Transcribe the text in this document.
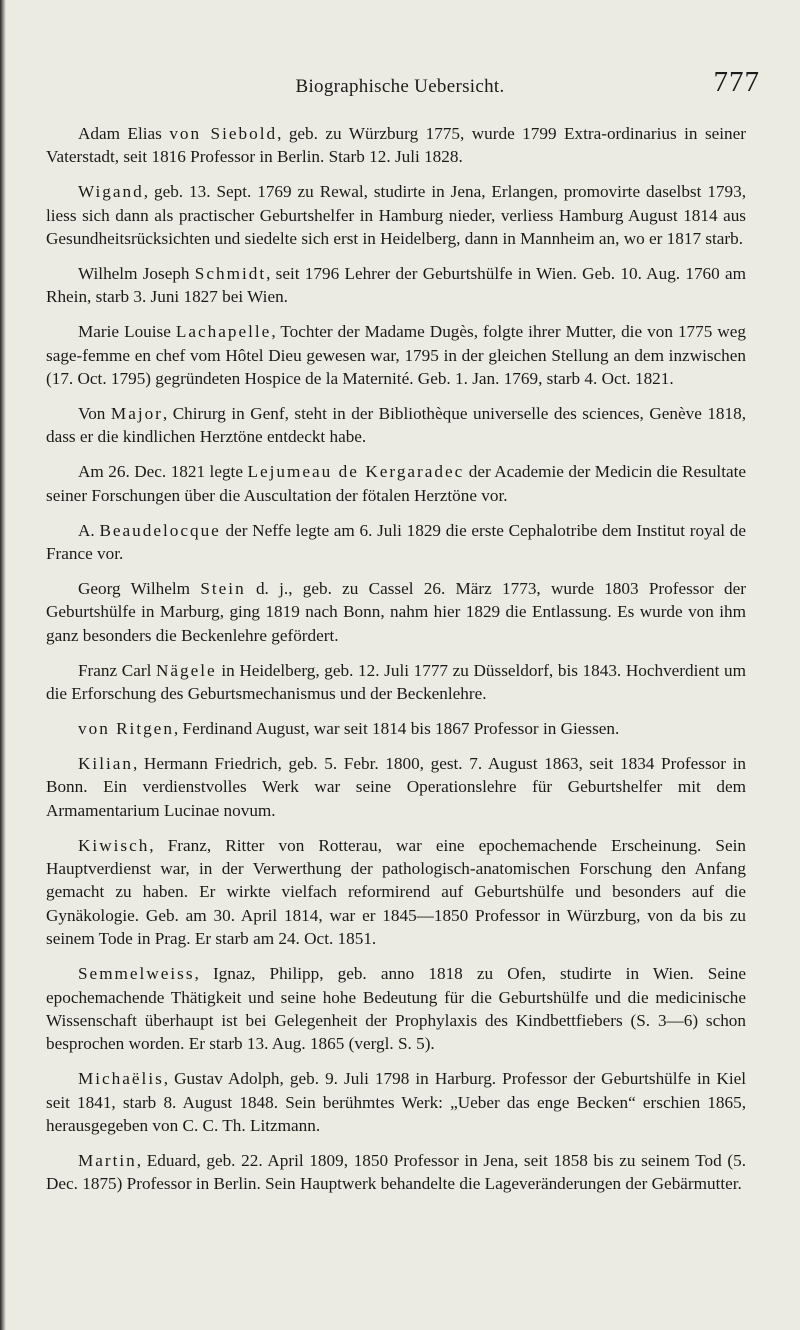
Biographische Uebersicht.	777

Adam Elias von Siebold, geb. zu Würzburg 1775, wurde 1799 Extra-ordinarius in seiner Vaterstadt, seit 1816 Professor in Berlin. Starb 12. Juli 1828.

Wigand, geb. 13. Sept. 1769 zu Rewal, studirte in Jena, Erlangen, promovirte daselbst 1793, liess sich dann als practischer Geburtshelfer in Hamburg nieder, verliess Hamburg August 1814 aus Gesundheitsrücksichten und siedelte sich erst in Heidelberg, dann in Mannheim an, wo er 1817 starb.

Wilhelm Joseph Schmidt, seit 1796 Lehrer der Geburtshülfe in Wien. Geb. 10. Aug. 1760 am Rhein, starb 3. Juni 1827 bei Wien.

Marie Louise Lachapelle, Tochter der Madame Dugès, folgte ihrer Mutter, die von 1775 weg sage-femme en chef vom Hôtel Dieu gewesen war, 1795 in der gleichen Stellung an dem inzwischen (17. Oct. 1795) gegründeten Hospice de la Maternité. Geb. 1. Jan. 1769, starb 4. Oct. 1821.

Von Major, Chirurg in Genf, steht in der Bibliothèque universelle des sciences, Genève 1818, dass er die kindlichen Herztöne entdeckt habe.

Am 26. Dec. 1821 legte Lejumeau de Kergaradec der Academie der Medicin die Resultate seiner Forschungen über die Auscultation der fötalen Herztöne vor.

A. Beaudelocque der Neffe legte am 6. Juli 1829 die erste Cephalotribe dem Institut royal de France vor.

Georg Wilhelm Stein d. j., geb. zu Cassel 26. März 1773, wurde 1803 Professor der Geburtshülfe in Marburg, ging 1819 nach Bonn, nahm hier 1829 die Entlassung. Es wurde von ihm ganz besonders die Beckenlehre gefördert.

Franz Carl Nägele in Heidelberg, geb. 12. Juli 1777 zu Düsseldorf, bis 1843. Hochverdient um die Erforschung des Geburtsmechanismus und der Beckenlehre.

von Ritgen, Ferdinand August, war seit 1814 bis 1867 Professor in Giessen.

Kilian, Hermann Friedrich, geb. 5. Febr. 1800, gest. 7. August 1863, seit 1834 Professor in Bonn. Ein verdienstvolles Werk war seine Operationslehre für Geburtshelfer mit dem Armamentarium Lucinae novum.

Kiwisch, Franz, Ritter von Rotterau, war eine epochemachende Erscheinung. Sein Hauptverdienst war, in der Verwerthung der pathologisch-anatomischen Forschung den Anfang gemacht zu haben. Er wirkte vielfach reformirend auf Geburtshülfe und besonders auf die Gynäkologie. Geb. am 30. April 1814, war er 1845—1850 Professor in Würzburg, von da bis zu seinem Tode in Prag. Er starb am 24. Oct. 1851.

Semmelweiss, Ignaz, Philipp, geb. anno 1818 zu Ofen, studirte in Wien. Seine epochemachende Thätigkeit und seine hohe Bedeutung für die Geburtshülfe und die medicinische Wissenschaft überhaupt ist bei Gelegenheit der Prophylaxis des Kindbettfiebers (S. 3—6) schon besprochen worden. Er starb 13. Aug. 1865 (vergl. S. 5).

Michaëlis, Gustav Adolph, geb. 9. Juli 1798 in Harburg. Professor der Geburtshülfe in Kiel seit 1841, starb 8. August 1848. Sein berühmtes Werk: „Ueber das enge Becken“ erschien 1865, herausgegeben von C. C. Th. Litzmann.

Martin, Eduard, geb. 22. April 1809, 1850 Professor in Jena, seit 1858 bis zu seinem Tod (5. Dec. 1875) Professor in Berlin. Sein Hauptwerk behandelte die Lageveränderungen der Gebärmutter.
